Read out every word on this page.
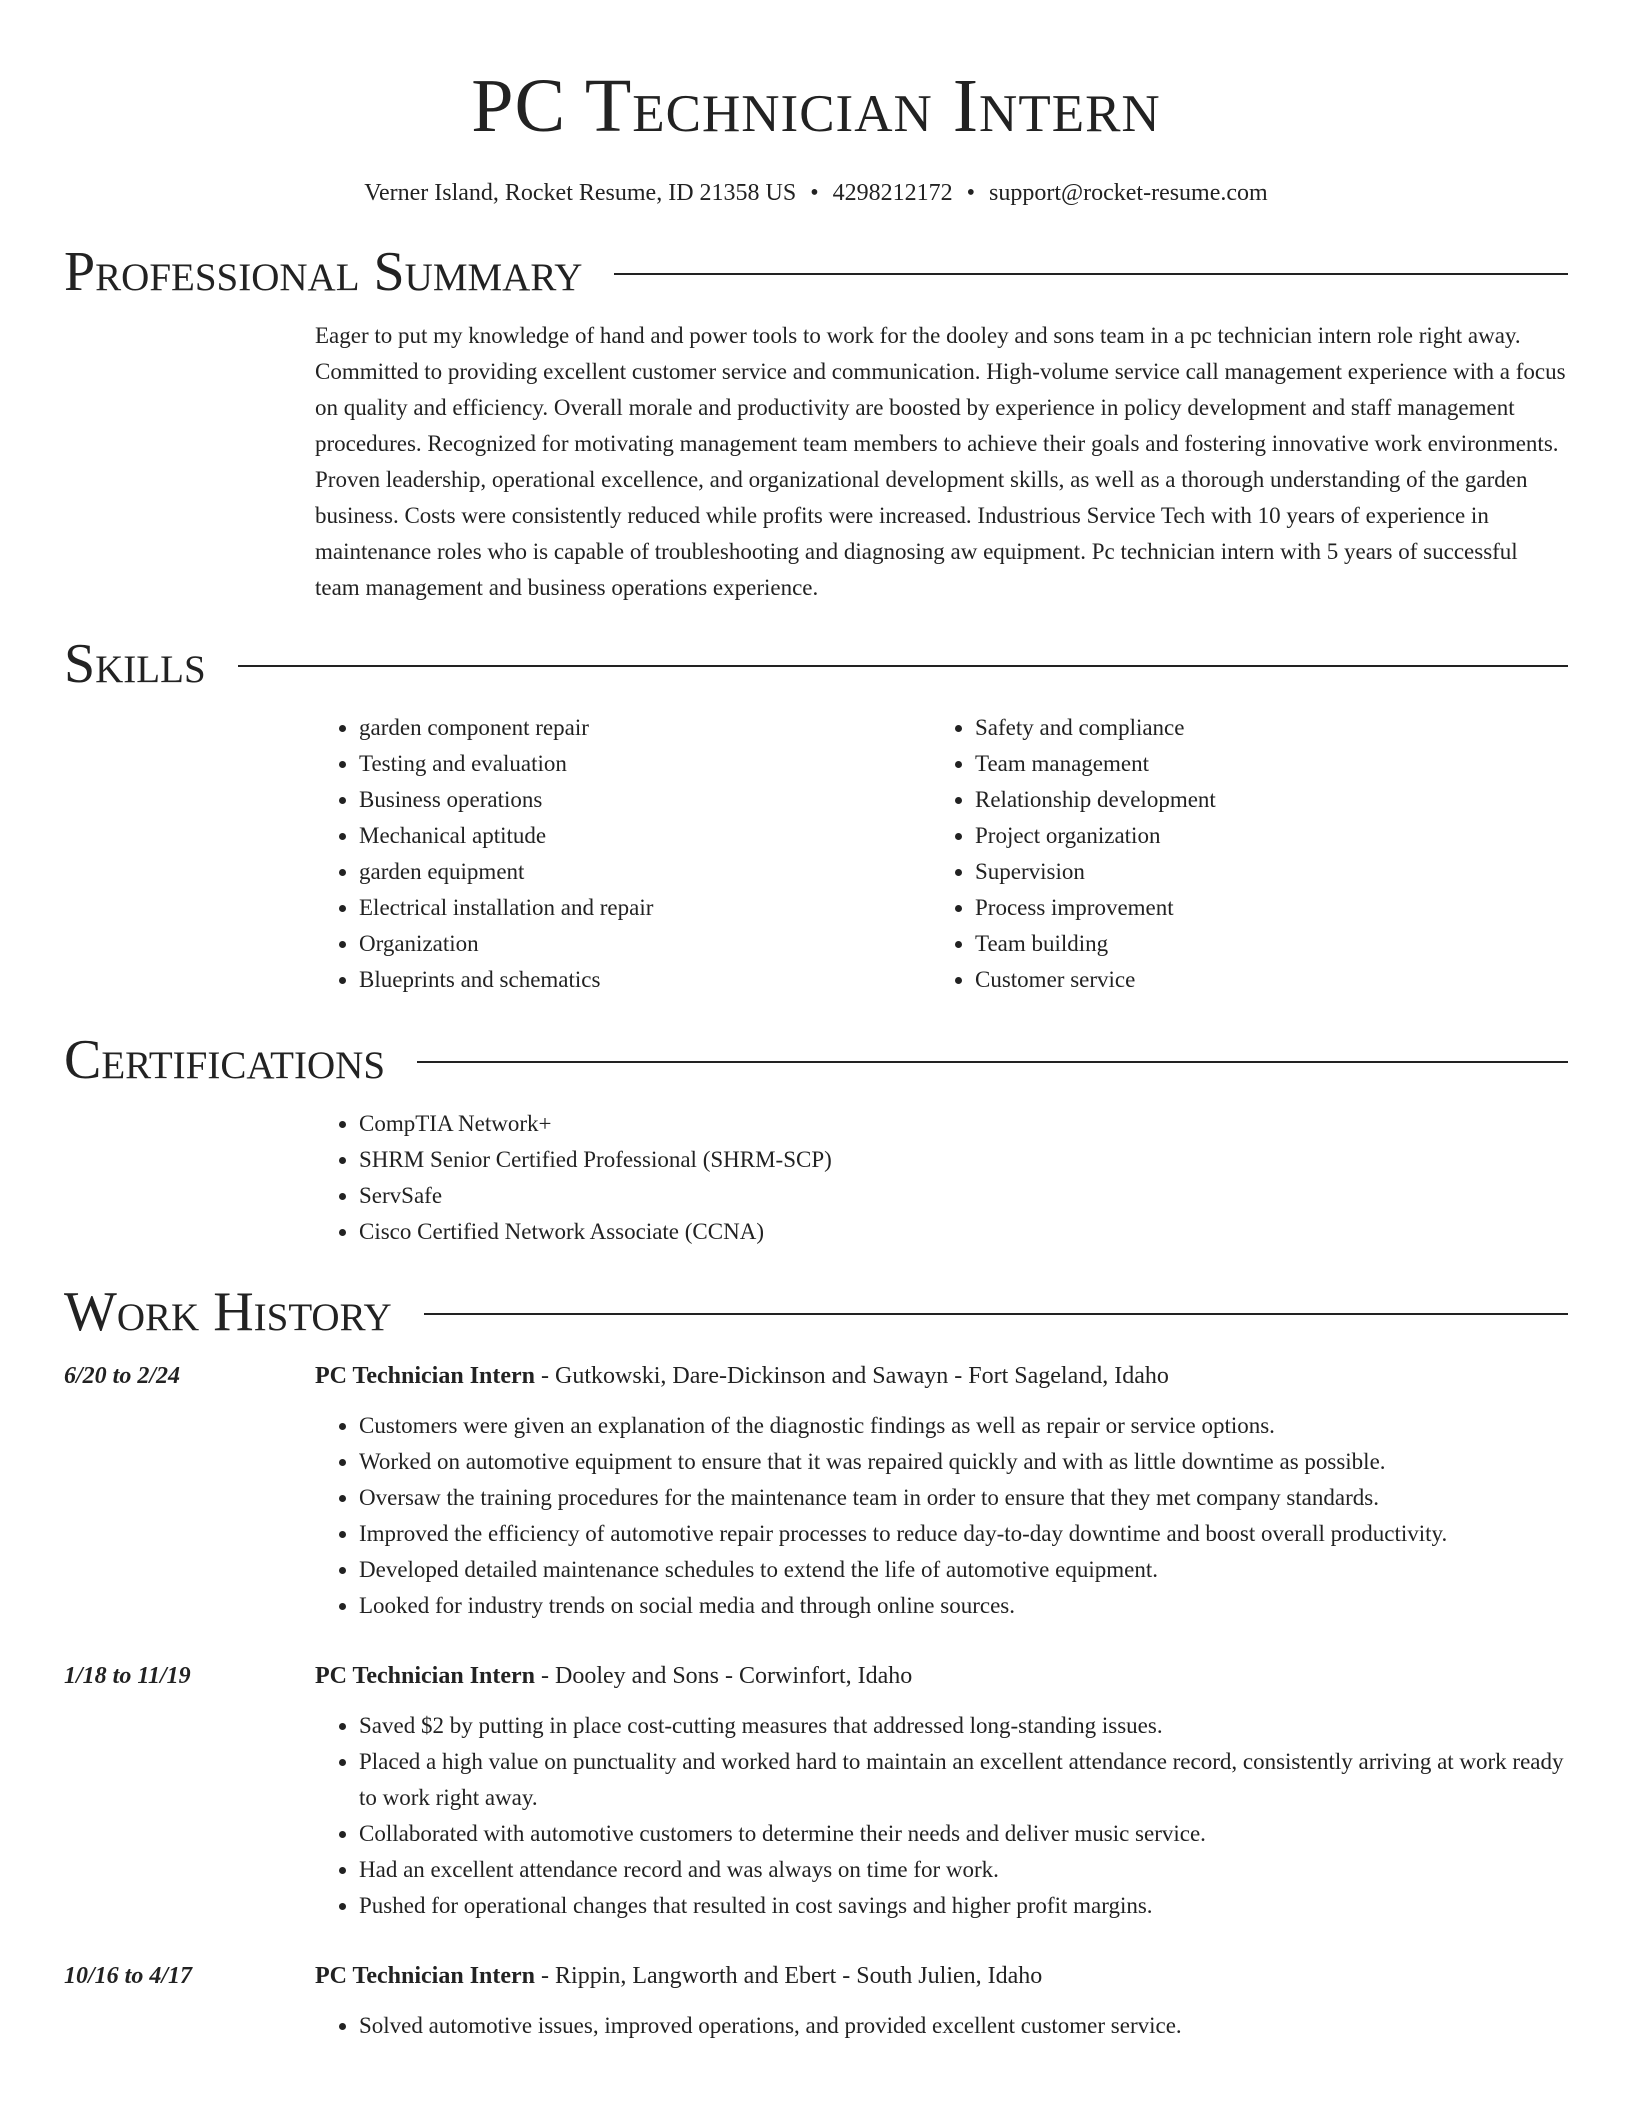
PC Technician Intern
Verner Island, Rocket Resume, ID 21358 US • 4298212172 • support@rocket-resume.com
Professional Summary

Eager to put my knowledge of hand and power tools to work for the dooley and sons team in a pc technician intern role right away. Committed to providing excellent customer service and communication. High-volume service call management experience with a focus on quality and efficiency. Overall morale and productivity are boosted by experience in policy development and staff management procedures. Recognized for motivating management team members to achieve their goals and fostering innovative work environments. Proven leadership, operational excellence, and organizational development skills, as well as a thorough understanding of the garden business. Costs were consistently reduced while profits were increased. Industrious Service Tech with 10 years of experience in maintenance roles who is capable of troubleshooting and diagnosing aw equipment. Pc technician intern with 5 years of successful team management and business operations experience.

Skills
• garden component repair
• Testing and evaluation
• Business operations
• Mechanical aptitude
• garden equipment
• Electrical installation and repair
• Organization
• Blueprints and schematics
• Safety and compliance
• Team management
• Relationship development
• Project organization
• Supervision
• Process improvement
• Team building
• Customer service
Certifications
• CompTIA Network+
• SHRM Senior Certified Professional (SHRM-SCP)
• ServSafe
• Cisco Certified Network Associate (CCNA)
Work History
6/20 to 2/24	PC Technician Intern - Gutkowski, Dare-Dickinson and Sawayn - Fort Sageland, Idaho
• Customers were given an explanation of the diagnostic findings as well as repair or service options.
• Worked on automotive equipment to ensure that it was repaired quickly and with as little downtime as possible.
• Oversaw the training procedures for the maintenance team in order to ensure that they met company standards.
• Improved the efficiency of automotive repair processes to reduce day-to-day downtime and boost overall productivity.
• Developed detailed maintenance schedules to extend the life of automotive equipment.
• Looked for industry trends on social media and through online sources.
1/18 to 11/19	PC Technician Intern - Dooley and Sons - Corwinfort, Idaho
• Saved $2 by putting in place cost-cutting measures that addressed long-standing issues.
• Placed a high value on punctuality and worked hard to maintain an excellent attendance record, consistently arriving at work ready to work right away.
• Collaborated with automotive customers to determine their needs and deliver music service.
• Had an excellent attendance record and was always on time for work.
• Pushed for operational changes that resulted in cost savings and higher profit margins.
10/16 to 4/17	PC Technician Intern - Rippin, Langworth and Ebert - South Julien, Idaho
• Solved automotive issues, improved operations, and provided excellent customer service.
